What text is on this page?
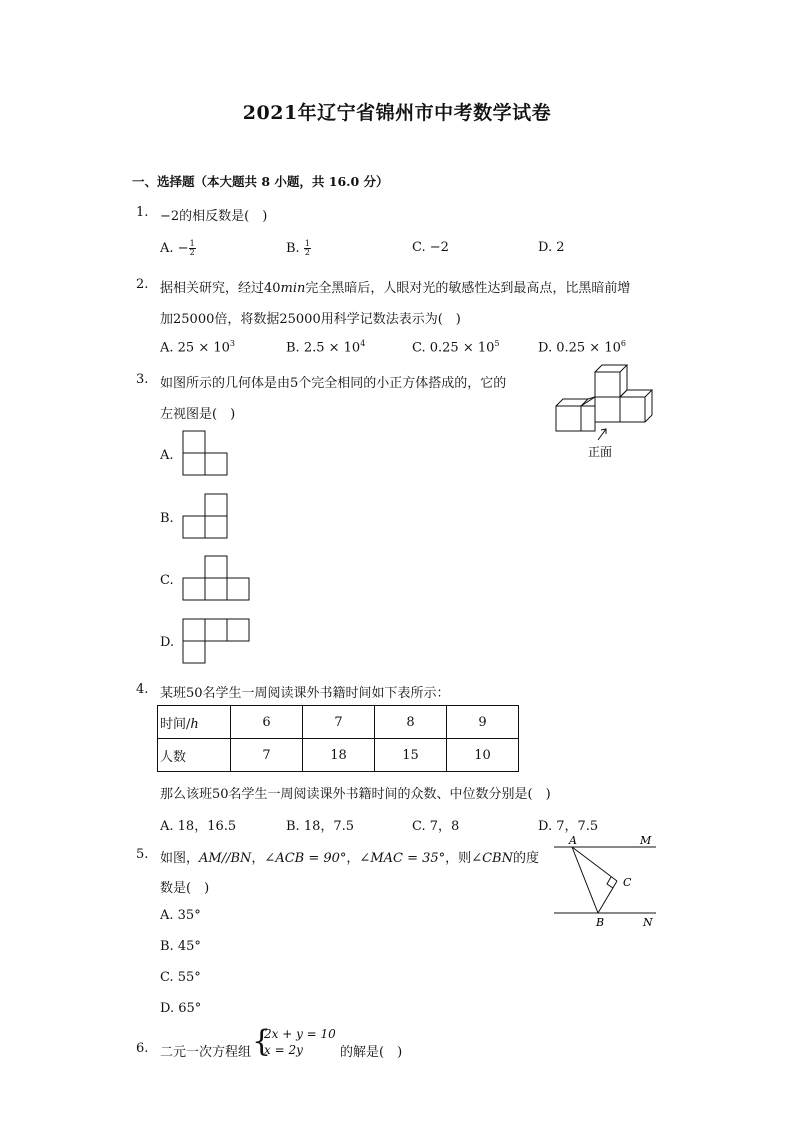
2021年辽宁省锦州市中考数学试卷
一、选择题（本大题共 8 小题，共 16.0 分）
1. −2的相反数是(　)
A. − $\frac{1}{2}$	B. $\frac{1}{2}$	C. −2	D. 2
2. 据相关研究，经过40min完全黑暗后，人眼对光的敏感性达到最高点，比黑暗前增
加25000倍，将数据25000用科学记数法表示为(　)
A. $25 \times 10^3$	B. $2.5 \times 10^4$	C. $0.25 \times 10^5$	D. $0.25 \times 10^6$
3. 如图所示的几何体是由5个完全相同的小正方体搭成的，它的
左视图是(　)
正面
A.
B.
C.
D.
4. 某班50名学生一周阅读课外书籍时间如下表所示：
时间/h	6	7	8	9
人数	7	18	15	10
那么该班50名学生一周阅读课外书籍时间的众数、中位数分别是(　)
A. 18，16.5	B. 18，7.5	C. 7，8	D. 7，7.5
5. 如图，AM//BN，∠ACB = 90°，∠MAC = 35°，则∠CBN的度
数是(　)
A	M
C
B	N
A. 35°
B. 45°
C. 55°
D. 65°
6. 二元一次方程组 {
2x + y = 10
x = 2y	的解是(　)
